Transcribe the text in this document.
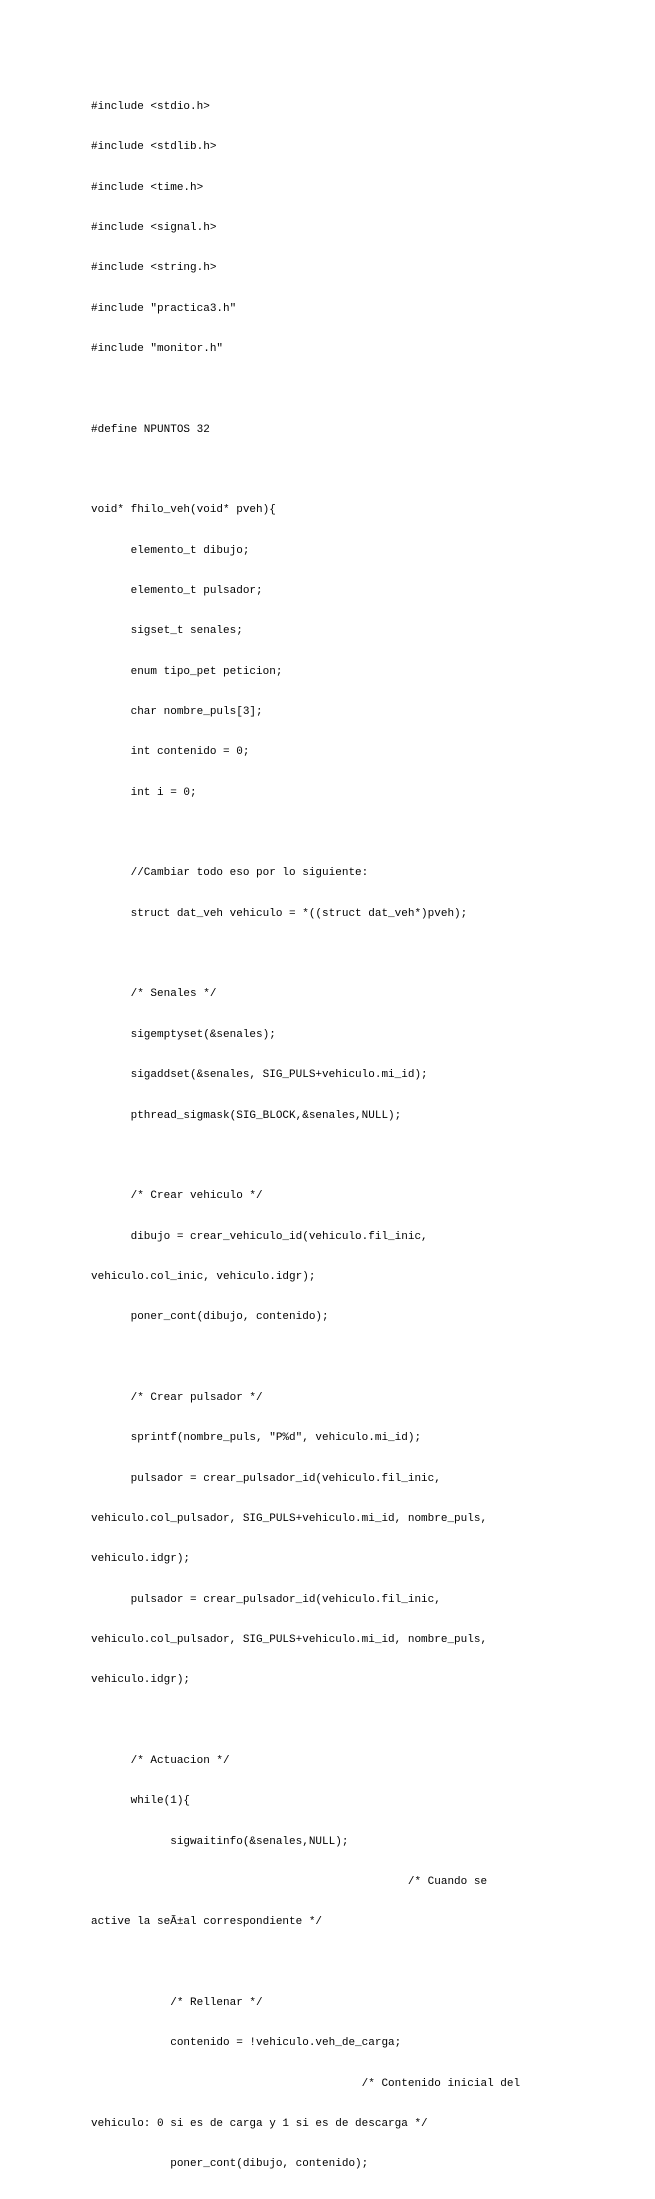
#include <stdio.h>

#include <stdlib.h>

#include <time.h>

#include <signal.h>

#include <string.h>

#include "practica3.h"

#include "monitor.h"

#define NPUNTOS 32

void* fhilo_veh(void* pveh){

elemento_t dibujo;

elemento_t pulsador;

sigset_t senales;

enum tipo_pet peticion;

char nombre_puls[3];

int contenido = 0;

int i = 0;

//Cambiar todo eso por lo siguiente:

struct dat_veh vehiculo = *((struct dat_veh*)pveh);

/* Senales */

sigemptyset(&senales);

sigaddset(&senales, SIG_PULS+vehiculo.mi_id);

pthread_sigmask(SIG_BLOCK,&senales,NULL);

/* Crear vehiculo */

dibujo = crear_vehiculo_id(vehiculo.fil_inic,

vehiculo.col_inic, vehiculo.idgr);

poner_cont(dibujo, contenido);

/* Crear pulsador */

sprintf(nombre_puls, "P%d", vehiculo.mi_id);

pulsador = crear_pulsador_id(vehiculo.fil_inic,

vehiculo.col_pulsador, SIG_PULS+vehiculo.mi_id, nombre_puls,

vehiculo.idgr);

pulsador = crear_pulsador_id(vehiculo.fil_inic,

vehiculo.col_pulsador, SIG_PULS+vehiculo.mi_id, nombre_puls,

vehiculo.idgr);

/* Actuacion */

while(1){

sigwaitinfo(&senales,NULL);

/* Cuando se

active la seÃ±al correspondiente */

/* Rellenar */

contenido = !vehiculo.veh_de_carga;

/* Contenido inicial del

vehiculo: 0 si es de carga y 1 si es de descarga */

poner_cont(dibujo, contenido);
